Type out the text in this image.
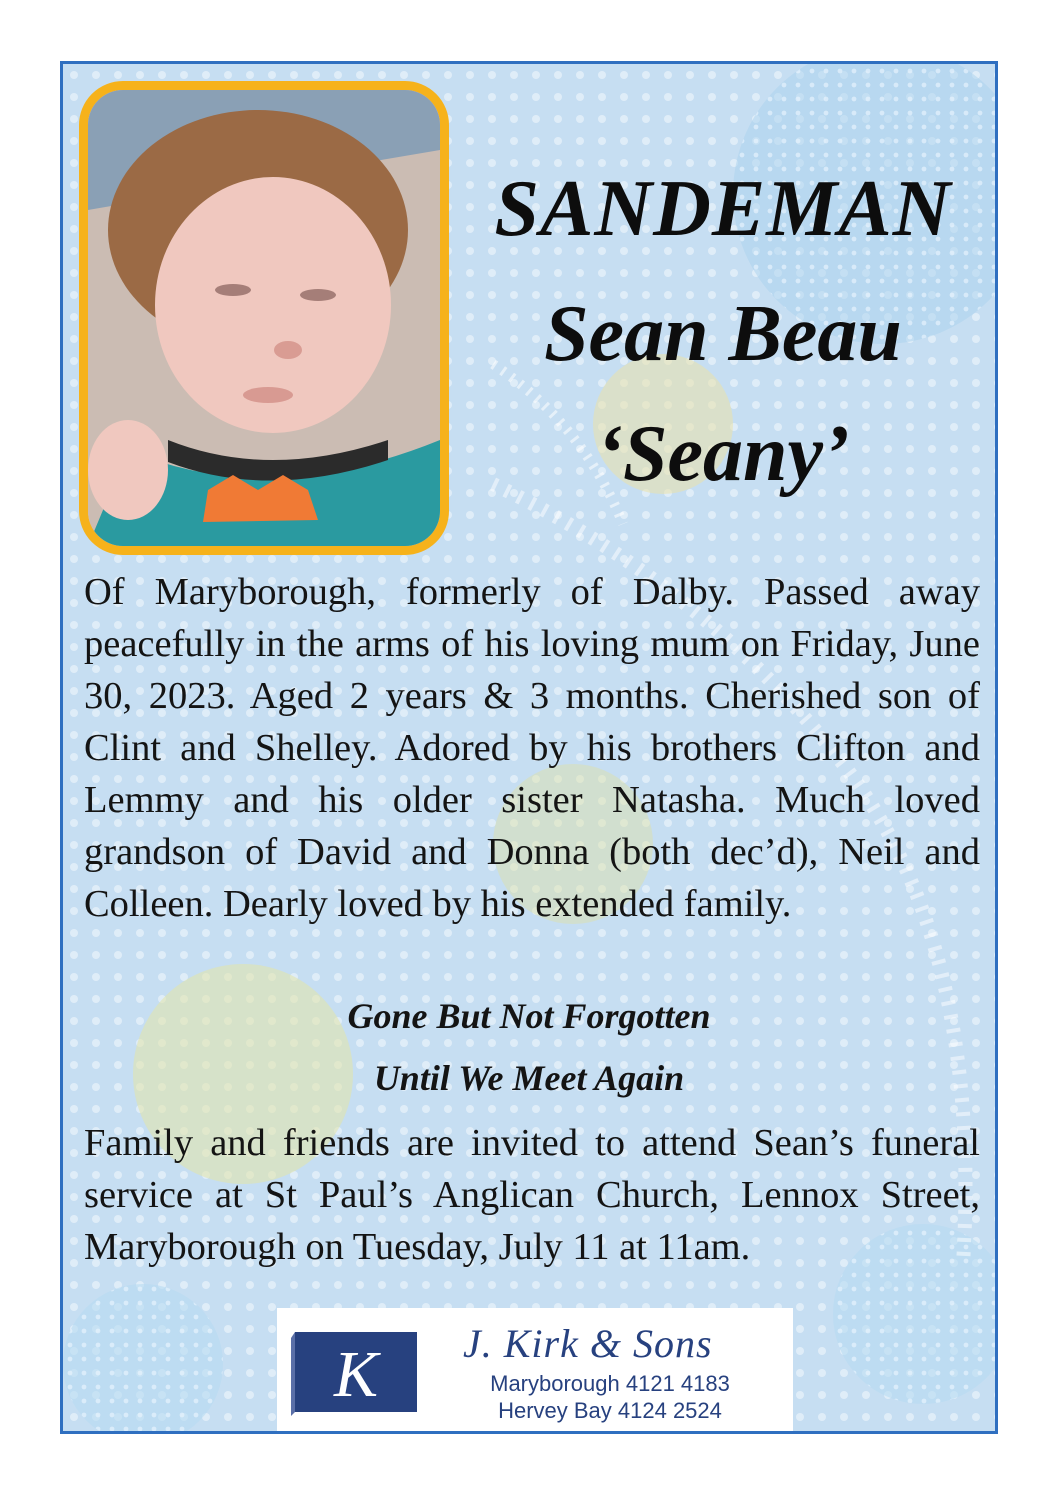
SANDEMAN
Sean Beau
‘Seany’

Of Maryborough, formerly of Dalby. Passed away peacefully in the arms of his loving mum on Friday, June 30, 2023. Aged 2 years & 3 months. Cherished son of Clint and Shelley. Adored by his brothers Clifton and Lemmy and his older sister Natasha. Much loved grandson of David and Donna (both dec’d), Neil and Colleen. Dearly loved by his extended family.

Gone But Not Forgotten

Until We Meet Again

Family and friends are invited to attend Sean’s funeral service at St Paul’s Anglican Church, Lennox Street, Maryborough on Tuesday, July 11 at 11am.

K J. Kirk & Sons
Maryborough 4121 4183
Hervey Bay 4124 2524
